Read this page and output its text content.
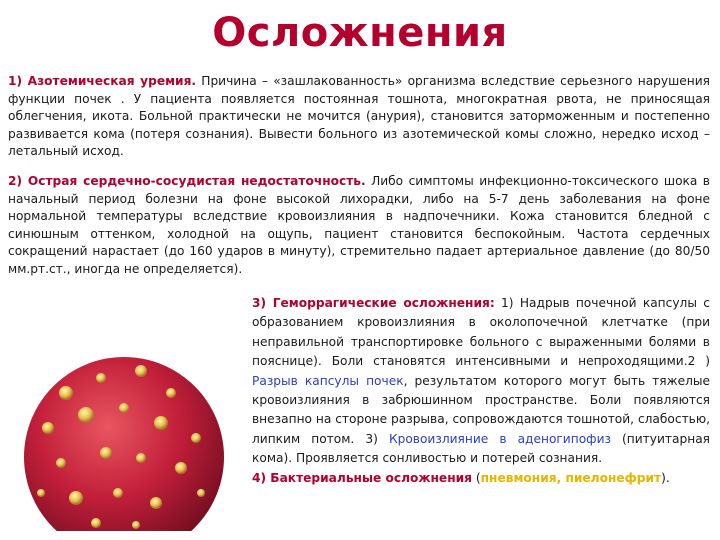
Осложнения
1) Азотемическая уремия. Причина – «зашлакованность» организма вследствие серьезного нарушения функции почек . У пациента появляется постоянная тошнота, многократная рвота, не приносящая облегчения, икота. Больной практически не мочится (анурия), становится заторможенным и постепенно развивается кома (потеря сознания). Вывести больного из азотемической комы сложно, нередко исход – летальный исход.
2) Острая сердечно-сосудистая недостаточность. Либо симптомы инфекционно-токсического шока в начальный период болезни на фоне высокой лихорадки, либо на 5-7 день заболевания на фоне нормальной температуры вследствие кровоизлияния в надпочечники. Кожа становится бледной с синюшным оттенком, холодной на ощупь, пациент становится беспокойным. Частота сердечных сокращений нарастает (до 160 ударов в минуту), стремительно падает артериальное давление (до 80/50 мм.рт.ст., иногда не определяется).
3) Геморрагические осложнения: 1) Надрыв почечной капсулы с образованием кровоизлияния в околопочечной клетчатке (при неправильной транспортировке больного с выраженными болями в пояснице). Боли становятся интенсивными и непроходящими.2 ) Разрыв капсулы почек, результатом которого могут быть тяжелые кровоизлияния в забрюшинном пространстве. Боли появляются внезапно на стороне разрыва, сопровождаются тошнотой, слабостью, липким потом. 3) Кровоизлияние в аденогипофиз (питуитарная кома). Проявляется сонливостью и потерей сознания.
4) Бактериальные осложнения (пневмония, пиелонефрит).
